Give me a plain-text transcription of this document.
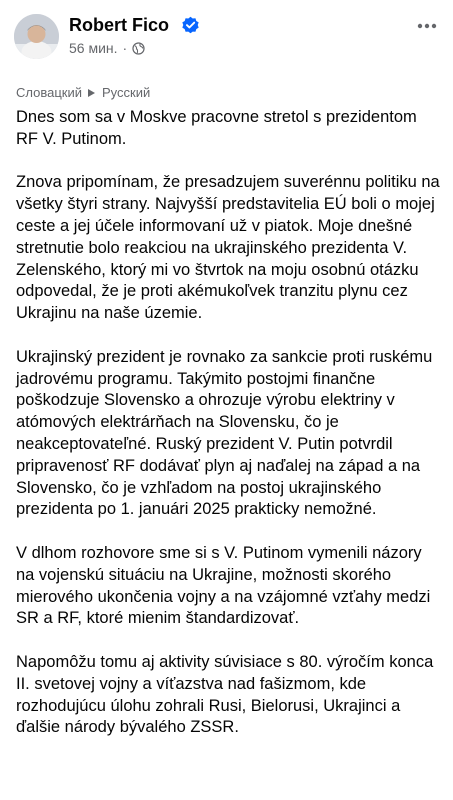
Robert Fico
56 мин. ·
Словацкий Русский

Dnes som sa v Moskve pracovne stretol s prezidentom RF V. Putinom.

Znova pripomínam, že presadzujem suverénnu politiku na všetky štyri strany. Najvyšší predstavitelia EÚ boli o mojej ceste a jej účele informovaní už v piatok. Moje dnešné stretnutie bolo reakciou na ukrajinského prezidenta V. Zelenského, ktorý mi vo štvrtok na moju osobnú otázku odpovedal, že je proti akémukoľvek tranzitu plynu cez Ukrajinu na naše územie.

Ukrajinský prezident je rovnako za sankcie proti ruskému jadrovému programu. Takýmito postojmi finančne poškodzuje Slovensko a ohrozuje výrobu elektriny v atómových elektrárňach na Slovensku, čo je neakceptovateľné. Ruský prezident V. Putin potvrdil pripravenosť RF dodávať plyn aj naďalej na západ a na Slovensko, čo je vzhľadom na postoj ukrajinského prezidenta po 1. januári 2025 prakticky nemožné.

V dlhom rozhovore sme si s V. Putinom vymenili názory na vojenskú situáciu na Ukrajine, možnosti skorého mierového ukončenia vojny a na vzájomné vzťahy medzi SR a RF, ktoré mienim štandardizovať.

Napomôžu tomu aj aktivity súvisiace s 80. výročím konca II. svetovej vojny a víťazstva nad fašizmom, kde rozhodujúcu úlohu zohrali Rusi, Bielorusi, Ukrajinci a ďalšie národy bývalého ZSSR.
